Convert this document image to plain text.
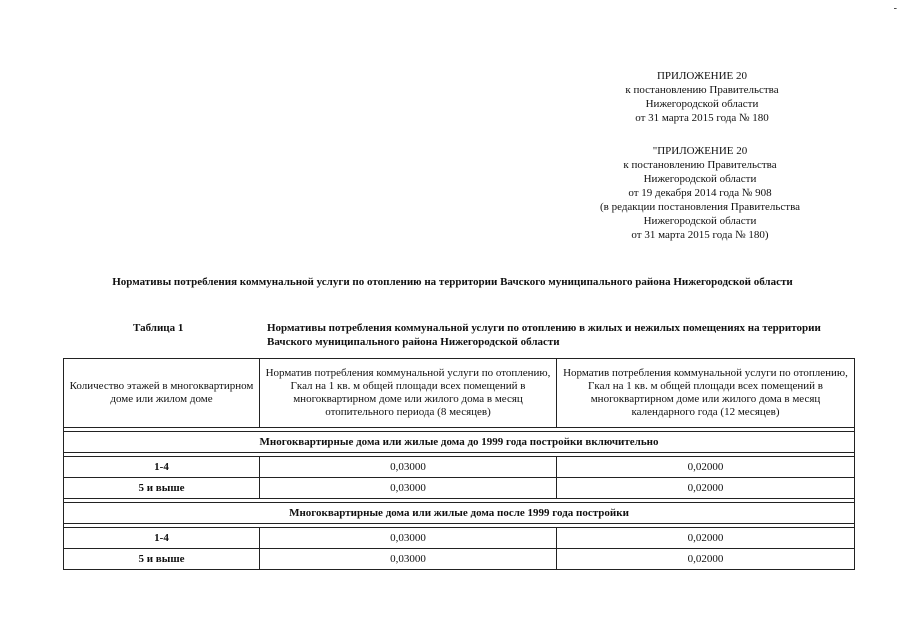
-
ПРИЛОЖЕНИЕ 20
к постановлению Правительства
Нижегородской области
от 31 марта 2015 года № 180
"ПРИЛОЖЕНИЕ 20
к постановлению Правительства
Нижегородской области
от 19 декабря 2014 года № 908
(в редакции постановления Правительства
Нижегородской области
от 31 марта 2015 года № 180)
Нормативы потребления коммунальной услуги по отоплению на территории Вачского муниципального района Нижегородской области
Таблица 1	Нормативы потребления коммунальной услуги по отоплению в жилых и нежилых помещениях на территории Вачского муниципального района Нижегородской области
Количество этажей в многоквартирном доме или жилом доме	Норматив потребления коммунальной услуги по отоплению, Гкал на 1 кв. м общей площади всех помещений в многоквартирном доме или жилого дома в месяц отопительного периода (8 месяцев)	Норматив потребления коммунальной услуги по отоплению, Гкал на 1 кв. м общей площади всех помещений в многоквартирном доме или жилого дома в месяц календарного года (12 месяцев)

Многоквартирные дома или жилые дома до 1999 года постройки включительно		

1-4	0,03000	0,02000
5 и выше	0,03000	0,02000

Многоквартирные дома или жилые дома после 1999 года постройки		

1-4	0,03000	0,02000
5 и выше	0,03000	0,02000
